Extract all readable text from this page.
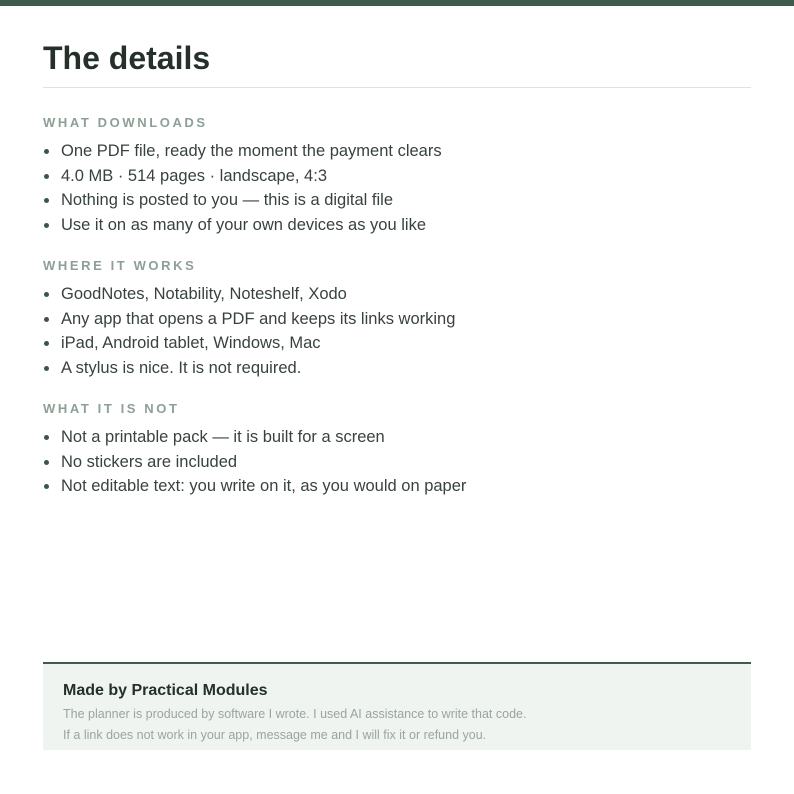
The details
WHAT DOWNLOADS
One PDF file, ready the moment the payment clears
4.0 MB · 514 pages · landscape, 4:3
Nothing is posted to you — this is a digital file
Use it on as many of your own devices as you like
WHERE IT WORKS
GoodNotes, Notability, Noteshelf, Xodo
Any app that opens a PDF and keeps its links working
iPad, Android tablet, Windows, Mac
A stylus is nice. It is not required.
WHAT IT IS NOT
Not a printable pack — it is built for a screen
No stickers are included
Not editable text: you write on it, as you would on paper
Made by Practical Modules

The planner is produced by software I wrote. I used AI assistance to write that code.

If a link does not work in your app, message me and I will fix it or refund you.
